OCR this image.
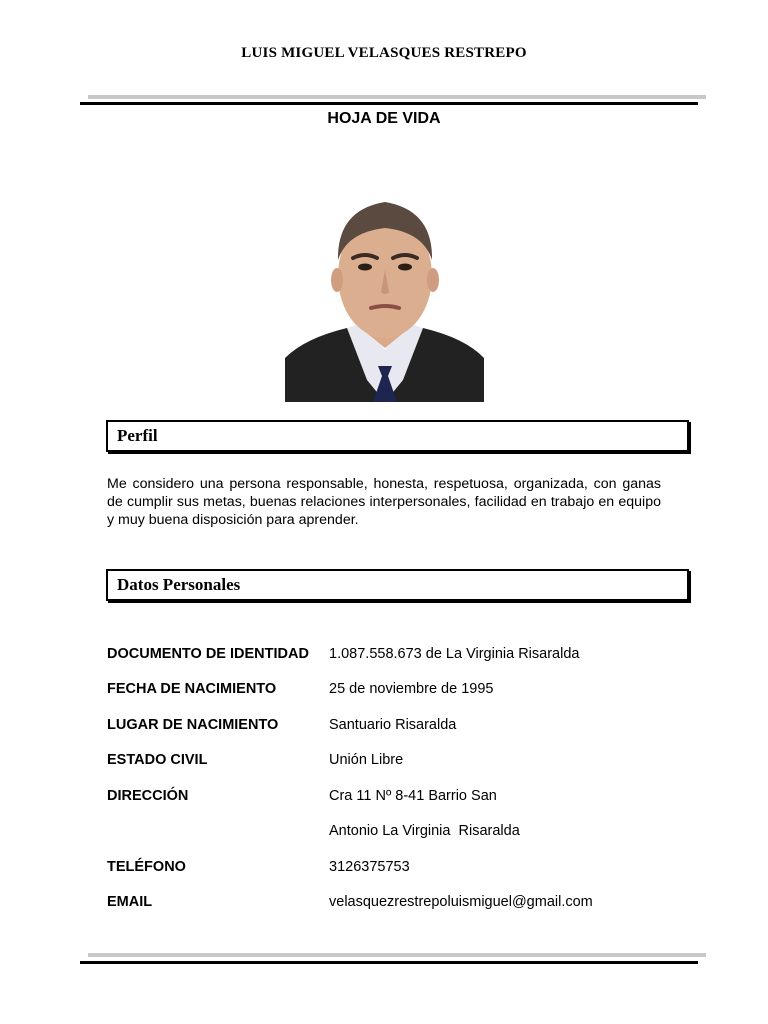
LUIS MIGUEL VELASQUES RESTREPO
HOJA DE VIDA
Perfil

Me considero una persona responsable, honesta, respetuosa, organizada, con ganas de cumplir sus metas, buenas relaciones interpersonales, facilidad en trabajo en equipo y muy buena disposición para aprender.

Datos Personales
DOCUMENTO DE IDENTIDAD 1.087.558.673 de La Virginia Risaralda
FECHA DE NACIMIENTO	25 de noviembre de 1995
LUGAR DE NACIMIENTO	Santuario Risaralda
ESTADO CIVIL	Unión Libre
DIRECCIÓN	Cra 11 Nº 8-41 Barrio San
Antonio La Virginia  Risaralda
TELÉFONO	3126375753
EMAIL	velasquezrestrepoluismiguel@gmail.com
